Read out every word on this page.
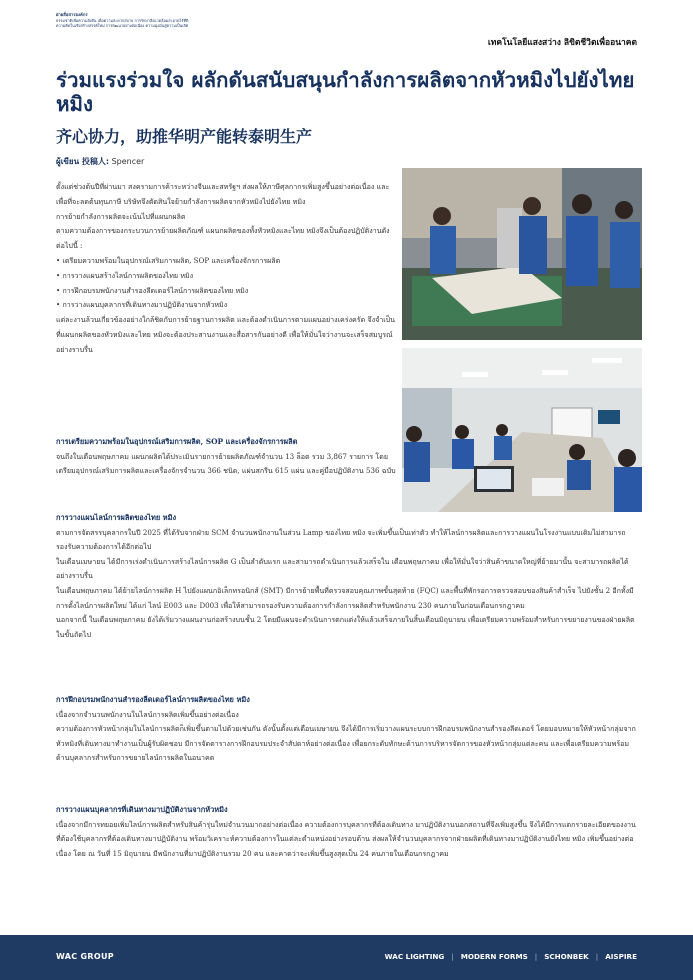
ฝ่ายสื่อสารองค์กร
ธรรมชาติเพื่อความยั่งยืน เพื่อความสะดวกสบาย การรักษาสิ่งแวดล้อมสะอาดไร้ที่ติ
ความคิดในเชิงสร้างสรรค์ใหม่ การพัฒนาอย่างต่อเนื่อง ความมุ่งมั่นสู่ความเป็นเลิศ
เทคโนโลยีแสงสว่าง ลิขิตชีวิตเพื่ออนาคต
ร่วมแรงร่วมใจ ผลักดันสนับสนุนกำลังการผลิตจากหัวหมิงไปยังไทย หมิง
齐心协力，助推华明产能转泰明生产
ผู้เขียน 投稿人: Spencer

ตั้งแต่ช่วงต้นปีที่ผ่านมา สงครามการค้าระหว่างจีนและสหรัฐฯ ส่งผลให้ภาษีศุลกากรเพิ่มสูงขึ้นอย่างต่อเนื่อง และเพื่อที่จะลดต้นทุนภาษี บริษัทจึงตัดสินใจย้ายกำลังการผลิตจากหัวหมิงไปยังไทย หมิง

การย้ายกำลังการผลิตจะเน้นไปที่แผนกผลิต

ตามความต้องการของกระบวนการย้ายผลิตภัณฑ์ แผนกผลิตของทั้งหัวหมิงและไทย หมิงจึงเป็นต้องปฏิบัติงานดังต่อไปนี้ :

• เตรียมความพร้อมในอุปกรณ์เสริมการผลิต, SOP และเครื่องจักรการผลิต
• การวางแผนสร้างไลน์การผลิตของไทย หมิง
• การฝึกอบรมพนักงานสำรองลีดเดอร์ไลน์การผลิตของไทย หมิง
• การวางแผนบุคลากรที่เดินทางมาปฏิบัติงานจากหัวหมิง

แต่ละงานล้วนเกี่ยวข้องอย่างใกล้ชิดกับการย้ายฐานการผลิต และต้องดำเนินการตามแผนอย่างเคร่งครัด จึงจำเป็นที่แผนกผลิตของหัวหมิงและไทย หมิงจะต้องประสานงานและสื่อสารกันอย่างดี เพื่อให้มั่นใจว่างานจะเสร็จสมบูรณ์อย่างราบรื่น

การเตรียมความพร้อมในอุปกรณ์เสริมการผลิต, SOP และเครื่องจักรการผลิต

จนถึงในเดือนพฤษภาคม แผนกผลิตได้ประเมินรายการย้ายผลิตภัณฑ์จำนวน 13 ล็อต รวม 3,867 รายการ โดยเตรียมอุปกรณ์เสริมการผลิตและเครื่องจักรจำนวน 366 ชนิด, แผ่นสกรีน 615 แผ่น และคู่มือปฏิบัติงาน 536 ฉบับ

การวางแผนไลน์การผลิตของไทย หมิง

ตามการจัดสรรบุคลากรในปี 2025 ที่ได้รับจากฝ่าย SCM จำนวนพนักงานในส่วน Lamp ของไทย หมิง จะเพิ่มขึ้นเป็นเท่าตัว ทำให้ไลน์การผลิตและการวางแผนในโรงงานแบบเดิมไม่สามารถรองรับความต้องการได้อีกต่อไป

ในเดือนเมษายน ได้มีการเร่งดำเนินการสร้างไลน์การผลิต G เป็นลำดับแรก และสามารถดำเนินการแล้วเสร็จใน เดือนพฤษภาคม เพื่อให้มั่นใจว่าสินค้าขนาดใหญ่ที่ย้ายมานั้น จะสามารถผลิตได้อย่างราบรื่น

ในเดือนพฤษภาคม ได้ย้ายไลน์การผลิต H ไปยังแผนกอิเล็กทรอนิกส์ (SMT) มีการย้ายพื้นที่ตรวจสอบคุณภาพขั้นสุดท้าย (FQC) และพื้นที่พักรอการตรวจสอบของสินค้าสำเร็จ ไปยังชั้น 2 อีกทั้งมีการตั้งไลน์การผลิตใหม่ ได้แก่ ไลน์ E003 และ D003 เพื่อให้สามารถรองรับความต้องการกำลังการผลิตสำหรับพนักงาน 230 คนภายในก่อนเดือนกรกฎาคม

นอกจากนี้ ในเดือนพฤษภาคม ยังได้เริ่มวางแผนงานก่อสร้างบนชั้น 2 โดยมีแผนจะดำเนินการตกแต่งให้แล้วเสร็จภายในสิ้นเดือนมิถุนายน เพื่อเตรียมความพร้อมสำหรับการขยายงานของฝ่ายผลิตในขั้นถัดไป

การฝึกอบรมพนักงานสำรองลีดเดอร์ไลน์การผลิตของไทย หมิง

เนื่องจากจำนวนพนักงานในไลน์การผลิตเพิ่มขึ้นอย่างต่อเนื่อง

ความต้องการหัวหน้ากลุ่มในไลน์การผลิตก็เพิ่มขึ้นตามไปด้วยเช่นกัน ดังนั้นตั้งแต่เดือนเมษายน จึงได้มีการเริ่มวางแผนระบบการฝึกอบรมพนักงานสำรองลีดเดอร์ โดยมอบหมายให้หัวหน้ากลุ่มจากหัวหมิงที่เดินทางมาทำงานเป็นผู้รับผิดชอบ มีการจัดตารางการฝึกอบรมประจำสัปดาห์อย่างต่อเนื่อง เพื่อยกระดับทักษะด้านการบริหารจัดการของหัวหน้ากลุ่มแต่ละคน และเพื่อเตรียมความพร้อมด้านบุคลากรสำหรับการขยายไลน์การผลิตในอนาคต

การวางแผนบุคลากรที่เดินทางมาปฏิบัติงานจากหัวหมิง

เนื่องจากมีการทยอยเพิ่มไลน์การผลิตสำหรับสินค้ารุ่นใหม่จำนวนมากอย่างต่อเนื่อง ความต้องการบุคลากรที่ต้องเดินทาง มาปฏิบัติงานนอกสถานที่จึงเพิ่มสูงขึ้น จึงได้มีการแตกรายละเอียดของงานที่ต้องใช้บุคลากรที่ต้องเดินทางมาปฏิบัติงาน พร้อมวิเคราะห์ความต้องการในแต่ละตำแหน่งอย่างรอบด้าน ส่งผลให้จำนวนบุคลากรจากฝ่ายผลิตที่เดินทางมาปฏิบัติงานยังไทย หมิง เพิ่มขึ้นอย่างต่อเนื่อง โดย ณ วันที่ 15 มิถุนายน มีพนักงานที่มาปฏิบัติงานรวม 20 คน และคาดว่าจะเพิ่มขึ้นสูงสุดเป็น 24 คนภายในเดือนกรกฎาคม

WAC GROUP	WAC LIGHTING | MODERN FORMS | SCHONBEK | AISPIRE
